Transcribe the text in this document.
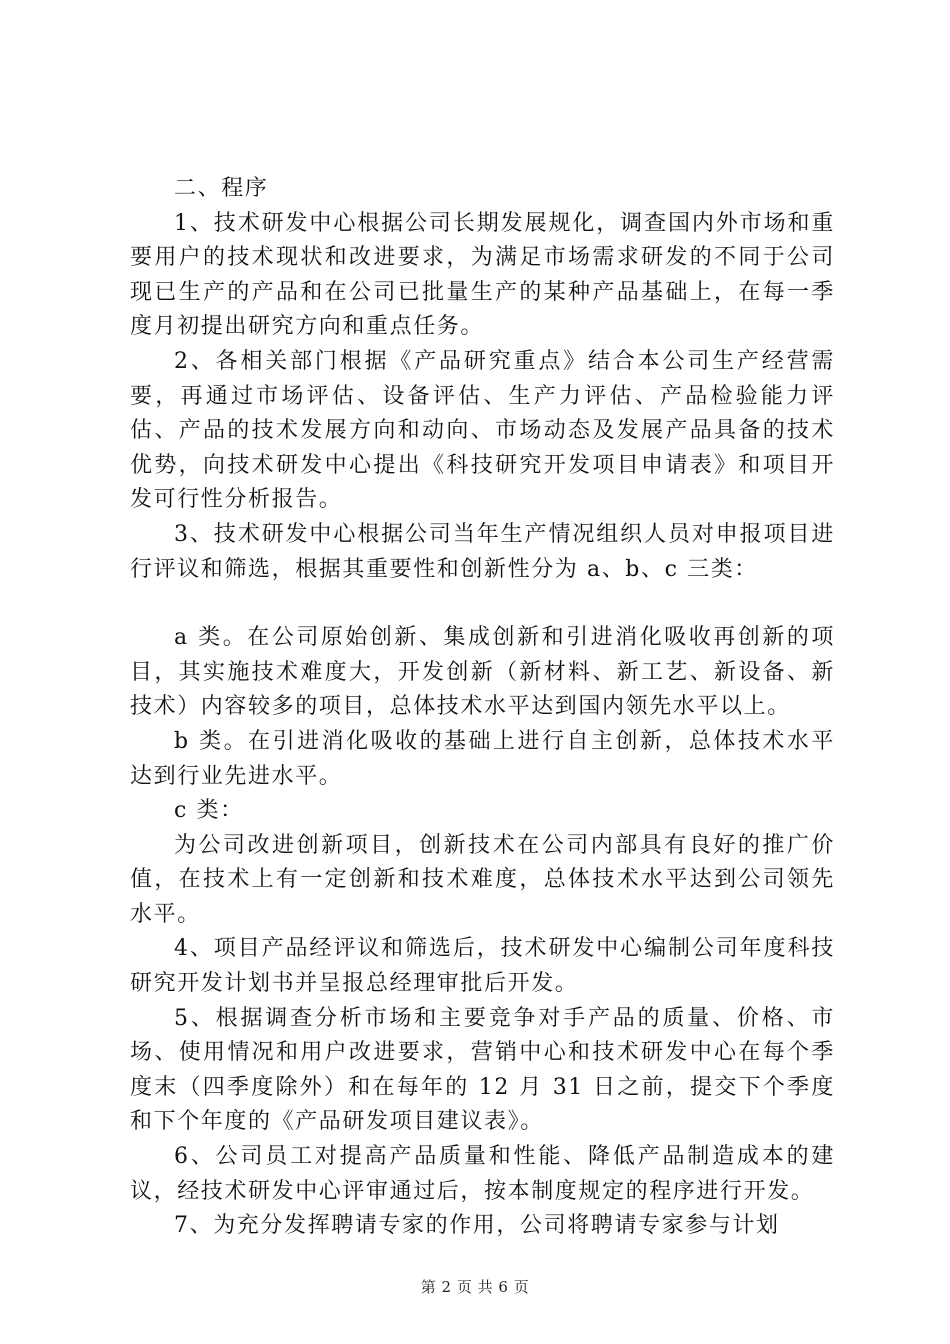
二、程序

1、技术研发中心根据公司长期发展规化，调查国内外市场和重要用户的技术现状和改进要求，为满足市场需求研发的不同于公司现已生产的产品和在公司已批量生产的某种产品基础上，在每一季度月初提出研究方向和重点任务。

2、各相关部门根据《产品研究重点》结合本公司生产经营需要，再通过市场评估、设备评估、生产力评估、产品检验能力评估、产品的技术发展方向和动向、市场动态及发展产品具备的技术优势，向技术研发中心提出《科技研究开发项目申请表》和项目开发可行性分析报告。

3、技术研发中心根据公司当年生产情况组织人员对申报项目进行评议和筛选，根据其重要性和创新性分为 a、b、c 三类：

a 类。在公司原始创新、集成创新和引进消化吸收再创新的项目，其实施技术难度大，开发创新（新材料、新工艺、新设备、新技术）内容较多的项目，总体技术水平达到国内领先水平以上。

b 类。在引进消化吸收的基础上进行自主创新，总体技术水平达到行业先进水平。

c 类：

为公司改进创新项目，创新技术在公司内部具有良好的推广价值，在技术上有一定创新和技术难度，总体技术水平达到公司领先水平。

4、项目产品经评议和筛选后，技术研发中心编制公司年度科技研究开发计划书并呈报总经理审批后开发。

5、根据调查分析市场和主要竞争对手产品的质量、价格、市场、使用情况和用户改进要求，营销中心和技术研发中心在每个季度末（四季度除外）和在每年的 12 月 31 日之前，提交下个季度和下个年度的《产品研发项目建议表》。

6、公司员工对提高产品质量和性能、降低产品制造成本的建议，经技术研发中心评审通过后，按本制度规定的程序进行开发。

7、为充分发挥聘请专家的作用，公司将聘请专家参与计划

第 2 页 共 6 页
